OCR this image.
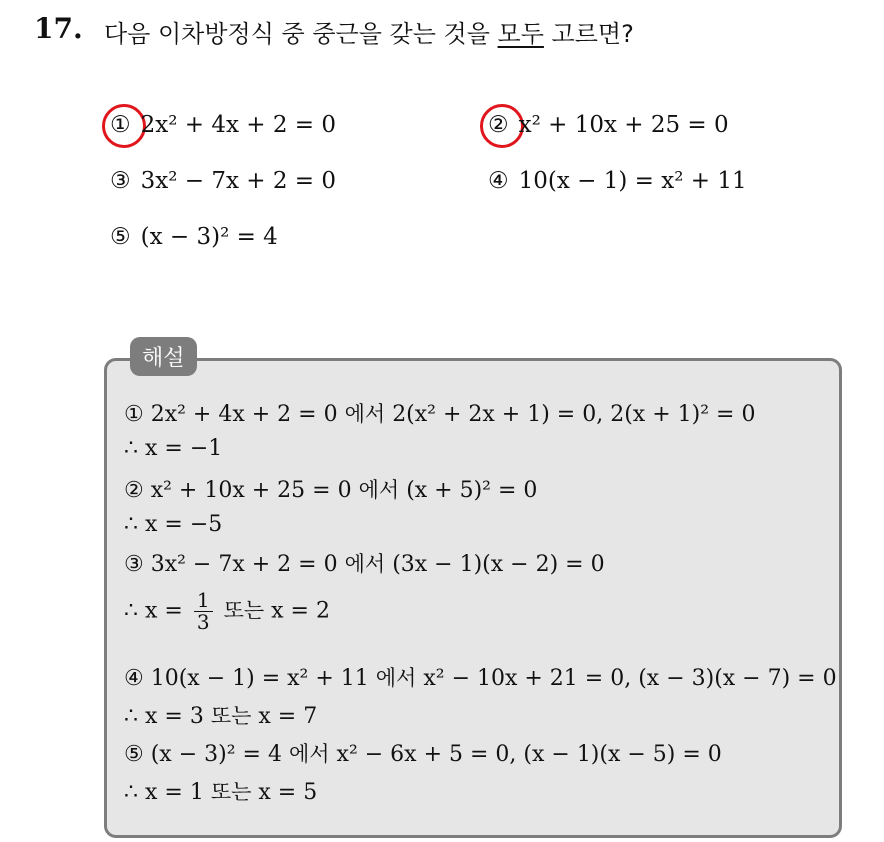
17. 다음 이차방정식 중 중근을 갖는 것을 모두 고르면?
① 2x² + 4x + 2 = 0	② x² + 10x + 25 = 0
③ 3x² − 7x + 2 = 0	④ 10(x − 1) = x² + 11
⑤ (x − 3)² = 4
해설
① 2x² + 4x + 2 = 0 에서 2(x² + 2x + 1) = 0, 2(x + 1)² = 0
∴ x = −1
② x² + 10x + 25 = 0 에서 (x + 5)² = 0
∴ x = −5
③ 3x² − 7x + 2 = 0 에서 (3x − 1)(x − 2) = 0
∴ $x = \frac{1}{3}$ 또는 x = 2
④ 10(x − 1) = x² + 11 에서 x² − 10x + 21 = 0, (x − 3)(x − 7) = 0
∴ x = 3 또는 x = 7
⑤ (x − 3)² = 4 에서 x² − 6x + 5 = 0, (x − 1)(x − 5) = 0
∴ x = 1 또는 x = 5
